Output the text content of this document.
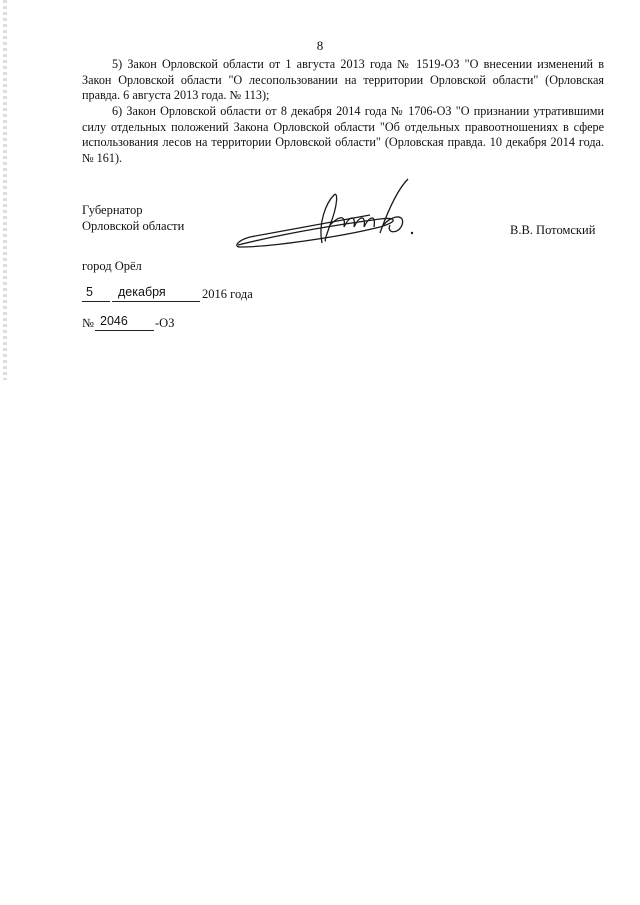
8

5) Закон Орловской области от 1 августа 2013 года № 1519-ОЗ "О внесении изменений в Закон Орловской области "О лесопользовании на территории Орловской области" (Орловская правда. 6 августа 2013 года. № 113);

6) Закон Орловской области от 8 декабря 2014 года № 1706-ОЗ "О признании утратившими силу отдельных положений Закона Орловской области "Об отдельных правоотношениях в сфере использования лесов на территории Орловской области" (Орловская правда. 10 декабря 2014 года. № 161).

Губернатор
Орловской области	В.В. Потомский
город Орёл
5 декабря	2016 года
№ 2046 -ОЗ
